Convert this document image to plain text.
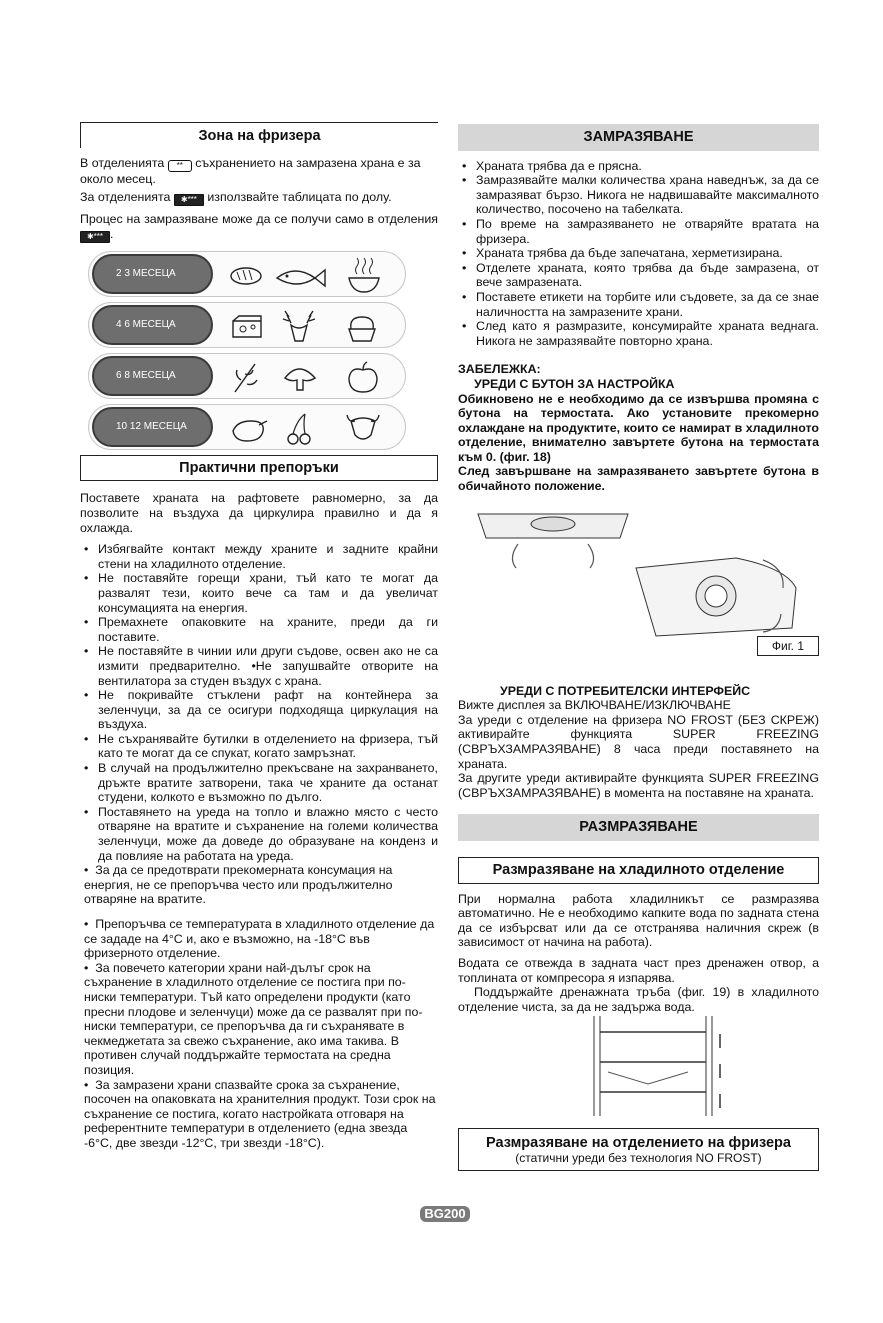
Зона на фризера

В отделенията ** съхранението на замразена храна е за около месец.

За отделенията ✱*** използвайте таблицата по долу.

Процес на замразяване може да се получи само в отделения ✱*** .

2 3 МЕСЕЦА
4 6 МЕСЕЦА
6 8 МЕСЕЦА
10 12 МЕСЕЦА
Практични препоръки

Поставете храната на рафтовете равномерно, за да позволите на въздуха да циркулира правилно и да я охлажда.

• Избягвайте контакт между храните и задните крайни стени на хладилното отделение.
• Не поставяйте горещи храни, тъй като те могат да развалят тези, които вече са там и да увеличат консумацията на енергия.
• Премахнете опаковките на храните, преди да ги поставите.
• Не поставяйте в чинии или други съдове, освен ако не са измити предварително. •Не запушвайте отворите на вентилатора за студен въздух с храна.
• Не покривайте стъклени рафт на контейнера за зеленчуци, за да се осигури подходяща циркулация на въздуха.
• Не съхранявайте бутилки в отделението на фризера, тъй като те могат да се спукат, когато замръзнат.
• В случай на продължително прекъсване на захранването, дръжте вратите затворени, така че храните да останат студени, колкото е възможно по дълго.
• Поставянето на уреда на топло и влажно място с често отваряне на вратите и съхранение на големи количества зеленчуци, може да доведе до образуване на конденз и да повлияе на работата на уреда.

•  За да се предотврати прекомерната консумация на енергия, не се препоръчва често или продължително отваряне на вратите.

•  Препоръчва се температурата в хладилното отделение да се зададе на 4°С и, ако е възможно, на -18°С във фризерното отделение.

•  За повечето категории храни най-дълъг срок на съхранение в хладилното отделение се постига при по-ниски температури. Тъй като определени продукти (като пресни плодове и зеленчуци) може да се развалят при по-ниски температури, се препоръчва да ги съхранявате в чекмеджетата за свежо съхранение, ако има такива. В противен случай поддържайте термостата на средна позиция.

•  За замразени храни спазвайте срока за съхранение, посочен на опаковката на хранителния продукт. Този срок на съхранение се постига, когато настройката отговаря на референтните температури в отделението (една звезда -6°С, две звезди -12°С, три звезди -18°С).

ЗАМРАЗЯВАНЕ
• Храната трябва да е прясна.
• Замразявайте малки количества храна наведнъж, за да се замразяват бързо. Никога не надвишавайте максималното количество, посочено на табелката.
• По време на замразяването не отваряйте вратата на фризера.
• Храната трябва да бъде запечатана, херметизирана.
• Отделете храната, която трябва да бъде замразена, от вече замразената.
• Поставете етикети на торбите или съдовете, за да се знае наличността на замразените храни.
• След като я размразите, консумирайте храната веднага. Никога не замразявайте повторно храна.

ЗАБЕЛЕЖКА:

УРЕДИ С БУТОН ЗА НАСТРОЙКА

Обикновено не е необходимо да се извършва промяна с бутона на термостата. Ако установите прекомерно охлаждане на продуктите, които се намират в хладилното отделение, внимателно завъртете бутона на термостата към 0. (фиг. 18)

След завършване на замразяването завъртете бутона в обичайното положение.

Фиг. 1

УРЕДИ С ПОТРЕБИТЕЛСКИ ИНТЕРФЕЙС

Вижте дисплея за ВКЛЮЧВАНЕ/ИЗКЛЮЧВАНЕ

За уреди с отделение на фризера NO FROST (БЕЗ СКРЕЖ) активирайте функцията SUPER FREEZING (СВРЪХЗАМРАЗЯВАНЕ) 8 часа преди поставянето на храната.

За другите уреди активирайте функцията SUPER FREEZING (СВРЪХЗАМРАЗЯВАНЕ) в момента на поставяне на храната.

РАЗМРАЗЯВАНЕ
Размразяване на хладилното отделение

При нормална работа хладилникът се размразява автоматично. Не е необходимо капките вода по задната стена да се избърсват или да се отстранява наличния скреж (в зависимост от начина на работа).

Водата се отвежда в задната част през дренажен отвор, а топлината от компресора я изпарява.

Поддържайте дренажната тръба (фиг. 19) в хладилното отделение чиста, за да не задържа вода.

Размразяване на отделението на фризера
(статични уреди без технология NO FROST)
BG200
